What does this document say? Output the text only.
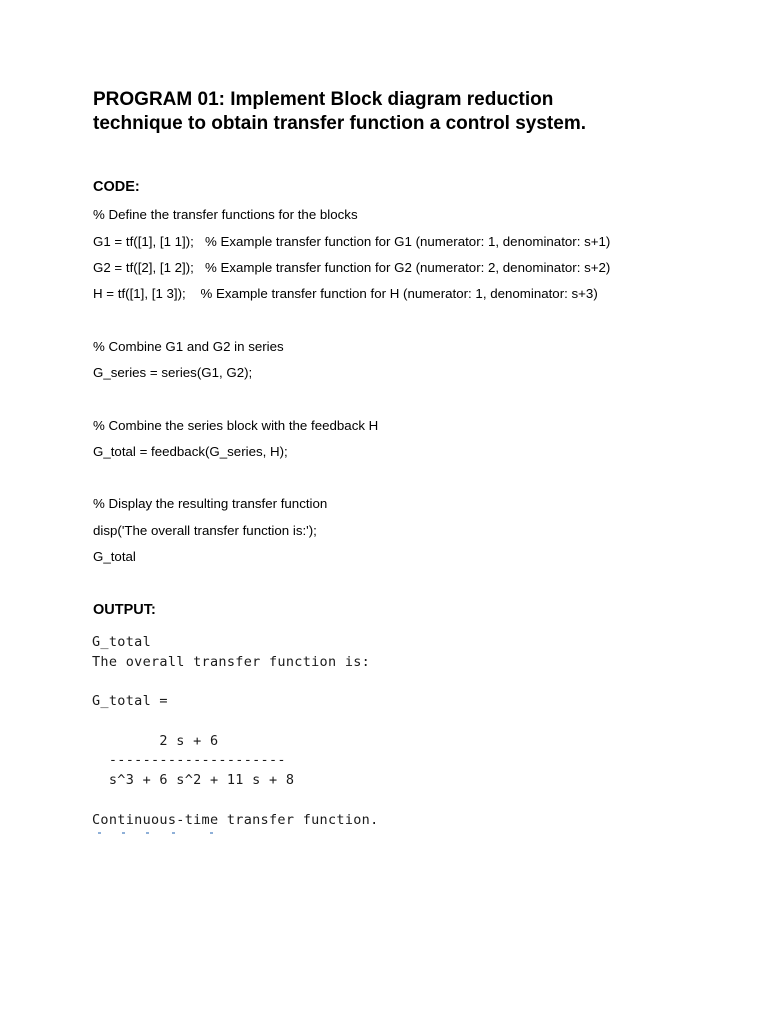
PROGRAM 01: Implement Block diagram reduction
technique to obtain transfer function a control system.

CODE:

% Define the transfer functions for the blocks

G1 = tf([1], [1 1]);   % Example transfer function for G1 (numerator: 1, denominator: s+1)

G2 = tf([2], [1 2]);   % Example transfer function for G2 (numerator: 2, denominator: s+2)

H = tf([1], [1 3]);    % Example transfer function for H (numerator: 1, denominator: s+3)

% Combine G1 and G2 in series

G_series = series(G1, G2);

% Combine the series block with the feedback H

G_total = feedback(G_series, H);

% Display the resulting transfer function

disp('The overall transfer function is:');

G_total

OUTPUT:

G_total

The overall transfer function is:

G_total =

2 s + 6

---------------------

s^3 + 6 s^2 + 11 s + 8

Continuous-time transfer function.
